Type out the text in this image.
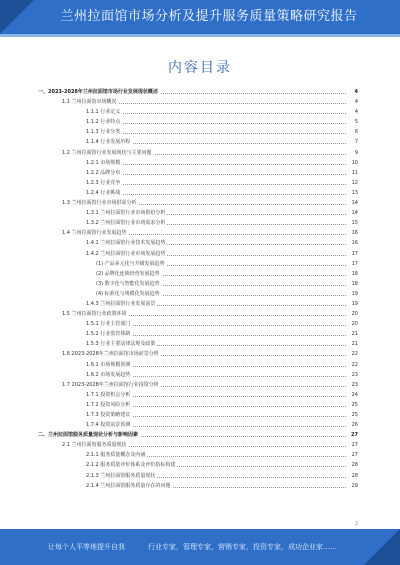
兰州拉面馆市场分析及提升服务质量策略研究报告
内容目录
一、2023-2028年兰州拉面馆市场行业发展现状概述	4
1.1 兰州拉面馆市场概况	4
1.1.1 行业定义	4
1.1.2 行业特点	5
1.1.3 行业分类	6
1.1.4 行业发展历程	7
1.2 兰州拉面馆行业发展现状与主要问题	9
1.2.1 市场规模	10
1.2.2 品牌分布	11
1.2.3 行业竞争	12
1.2.4 行业挑战	13
1.3 兰州拉面馆行业市场供需分析	14
1.3.1 兰州拉面馆行业市场供给分析	14
1.3.2 兰州拉面馆行业市场需求分析	15
1.4 兰州拉面馆行业发展趋势	16
1.4.1 兰州拉面馆行业技术发展趋势	16
1.4.2 兰州拉面馆行业市场发展趋势	17
(1) 产品多元化与升级发展趋势	17
(2) 品牌化连锁经营发展趋势	18
(3) 数字化与智能化发展趋势	18
(4) 标准化与规模化发展趋势	19
1.4.3 兰州拉面馆行业发展前景	19
1.5 兰州拉面馆行业政策环境	20
1.5.1 行业主管部门	20
1.5.2 行业监管体制	21
1.5.3 行业主要法律法规及政策	21
1.6 2023-2028年兰州拉面馆市场前景分析	22
1.6.1 市场规模预测	22
1.6.2 市场发展趋势	23
1.7 2023-2028年兰州拉面馆行业投资分析	23
1.7.1 投资机会分析	24
1.7.2 投资风险分析	25
1.7.3 投资策略建议	25
1.7.4 投资前景预测	26
二、兰州拉面馆服务质量现状分析与影响因素	27
2.1 兰州拉面馆服务质量现状	27
2.1.1 服务质量概念及内涵	27
2.1.2 服务质量评价体系及评价指标构建	28
2.1.3 兰州拉面馆服务质量现状	28
2.1.4 兰州拉面馆服务质量存在的问题	29
2
让每个人平等地提升自我	行业专家，管理专家，营销专家，投资专家，成功企业家……
